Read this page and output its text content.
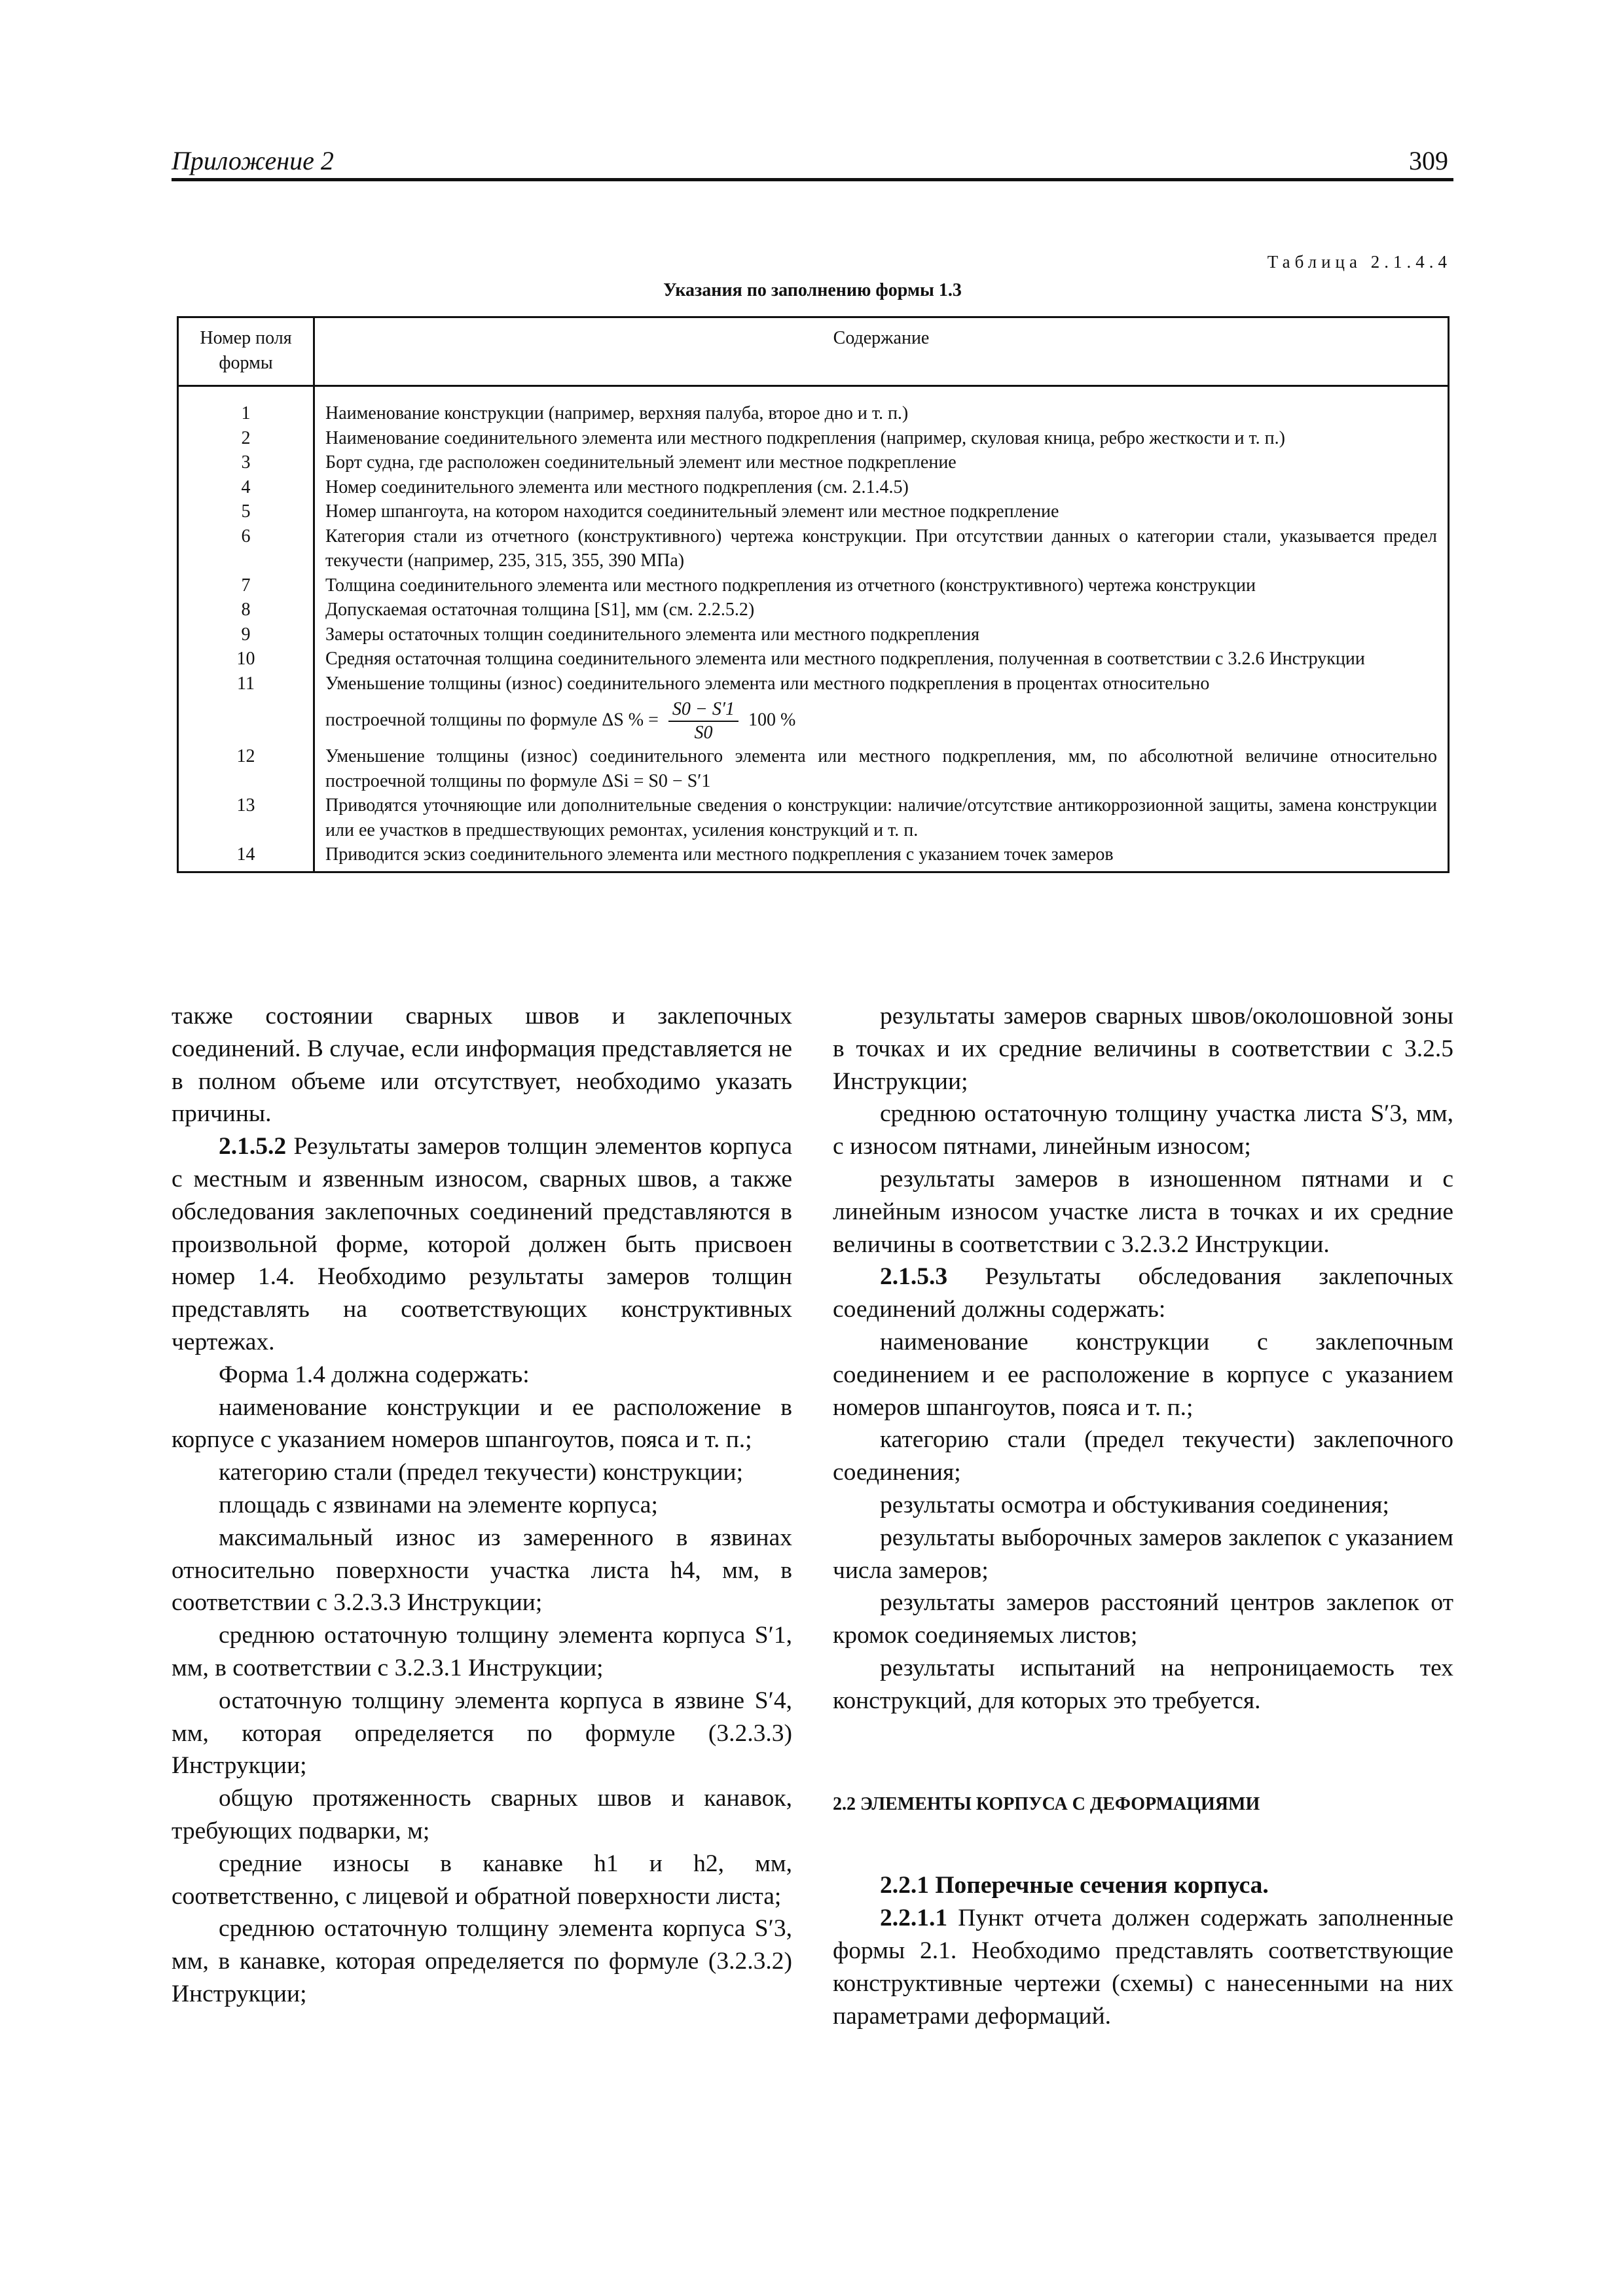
Приложение 2	309
Таблица 2.1.4.4
Указания по заполнению формы 1.3
Номер поля формы	Содержание

1	Наименование конструкции (например, верхняя палуба, второе дно и т. п.)
2	Наименование соединительного элемента или местного подкрепления (например, скуловая кница, ребро жесткости и т. п.)
3	Борт судна, где расположен соединительный элемент или местное подкрепление
4	Номер соединительного элемента или местного подкрепления (см. 2.1.4.5)
5	Номер шпангоута, на котором находится соединительный элемент или местное подкрепление
6	Категория стали из отчетного (конструктивного) чертежа конструкции. При отсутствии данных о категории стали, указывается предел текучести (например, 235, 315, 355, 390 МПа)
7	Толщина соединительного элемента или местного подкрепления из отчетного (конструктивного) чертежа конструкции
8	Допускаемая остаточная толщина [S1], мм (см. 2.2.5.2)
9	Замеры остаточных толщин соединительного элемента или местного подкрепления
10	Средняя остаточная толщина соединительного элемента или местного подкрепления, полученная в соответствии с 3.2.6 Инструкции
11	Уменьшение толщины (износ) соединительного элемента или местного подкрепления в процентах относительно
построечной толщины по формуле ΔS % = $\frac{S0 - S'1}{S0} 100$ %

12	Уменьшение толщины (износ) соединительного элемента или местного подкрепления, мм, по абсолютной величине относительно построечной толщины по формуле ΔSi = S0 − S′1
13	Приводятся уточняющие или дополнительные сведения о конструкции: наличие/отсутствие антикоррозионной защиты, замена конструкции или ее участков в предшествующих ремонтах, усиления конструкций и т. п.
14	Приводится эскиз соединительного элемента или местного подкрепления с указанием точек замеров

также состоянии сварных швов и заклепочных соединений. В случае, если информация представляется не в полном объеме или отсутствует, необходимо указать причины.

2.1.5.2 Результаты замеров толщин элементов корпуса с местным и язвенным износом, сварных швов, а также обследования заклепочных соединений представляются в произвольной форме, которой должен быть присвоен номер 1.4. Необходимо результаты замеров толщин представлять на соответствующих конструктивных чертежах.

Форма 1.4 должна содержать:

наименование конструкции и ее расположение в корпусе с указанием номеров шпангоутов, пояса и т. п.;

категорию стали (предел текучести) конструкции;

площадь с язвинами на элементе корпуса;

максимальный износ из замеренного в язвинах относительно поверхности участка листа h4, мм, в соответствии с 3.2.3.3 Инструкции;

среднюю остаточную толщину элемента корпуса S′1, мм, в соответствии с 3.2.3.1 Инструкции;

остаточную толщину элемента корпуса в язвине S′4, мм, которая определяется по формуле (3.2.3.3) Инструкции;

общую протяженность сварных швов и канавок, требующих подварки, м;

средние износы в канавке h1 и h2, мм, соответственно, с лицевой и обратной поверхности листа;

среднюю остаточную толщину элемента корпуса S′3, мм, в канавке, которая определяется по формуле (3.2.3.2) Инструкции;

результаты замеров сварных швов/околошовной зоны в точках и их средние величины в соответствии с 3.2.5 Инструкции;

среднюю остаточную толщину участка листа S′3, мм, с износом пятнами, линейным износом;

результаты замеров в изношенном пятнами и с линейным износом участке листа в точках и их средние величины в соответствии с 3.2.3.2 Инструкции.

2.1.5.3 Результаты обследования заклепочных соединений должны содержать:

наименование конструкции с заклепочным соединением и ее расположение в корпусе с указанием номеров шпангоутов, пояса и т. п.;

категорию стали (предел текучести) заклепочного соединения;

результаты осмотра и обстукивания соединения;

результаты выборочных замеров заклепок с указанием числа замеров;

результаты замеров расстояний центров заклепок от кромок соединяемых листов;

результаты испытаний на непроницаемость тех конструкций, для которых это требуется.

2.2 ЭЛЕМЕНТЫ КОРПУСА С ДЕФОРМАЦИЯМИ

2.2.1 Поперечные сечения корпуса.

2.2.1.1 Пункт отчета должен содержать заполненные формы 2.1. Необходимо представлять соответствующие конструктивные чертежи (схемы) с нанесенными на них параметрами деформаций.
